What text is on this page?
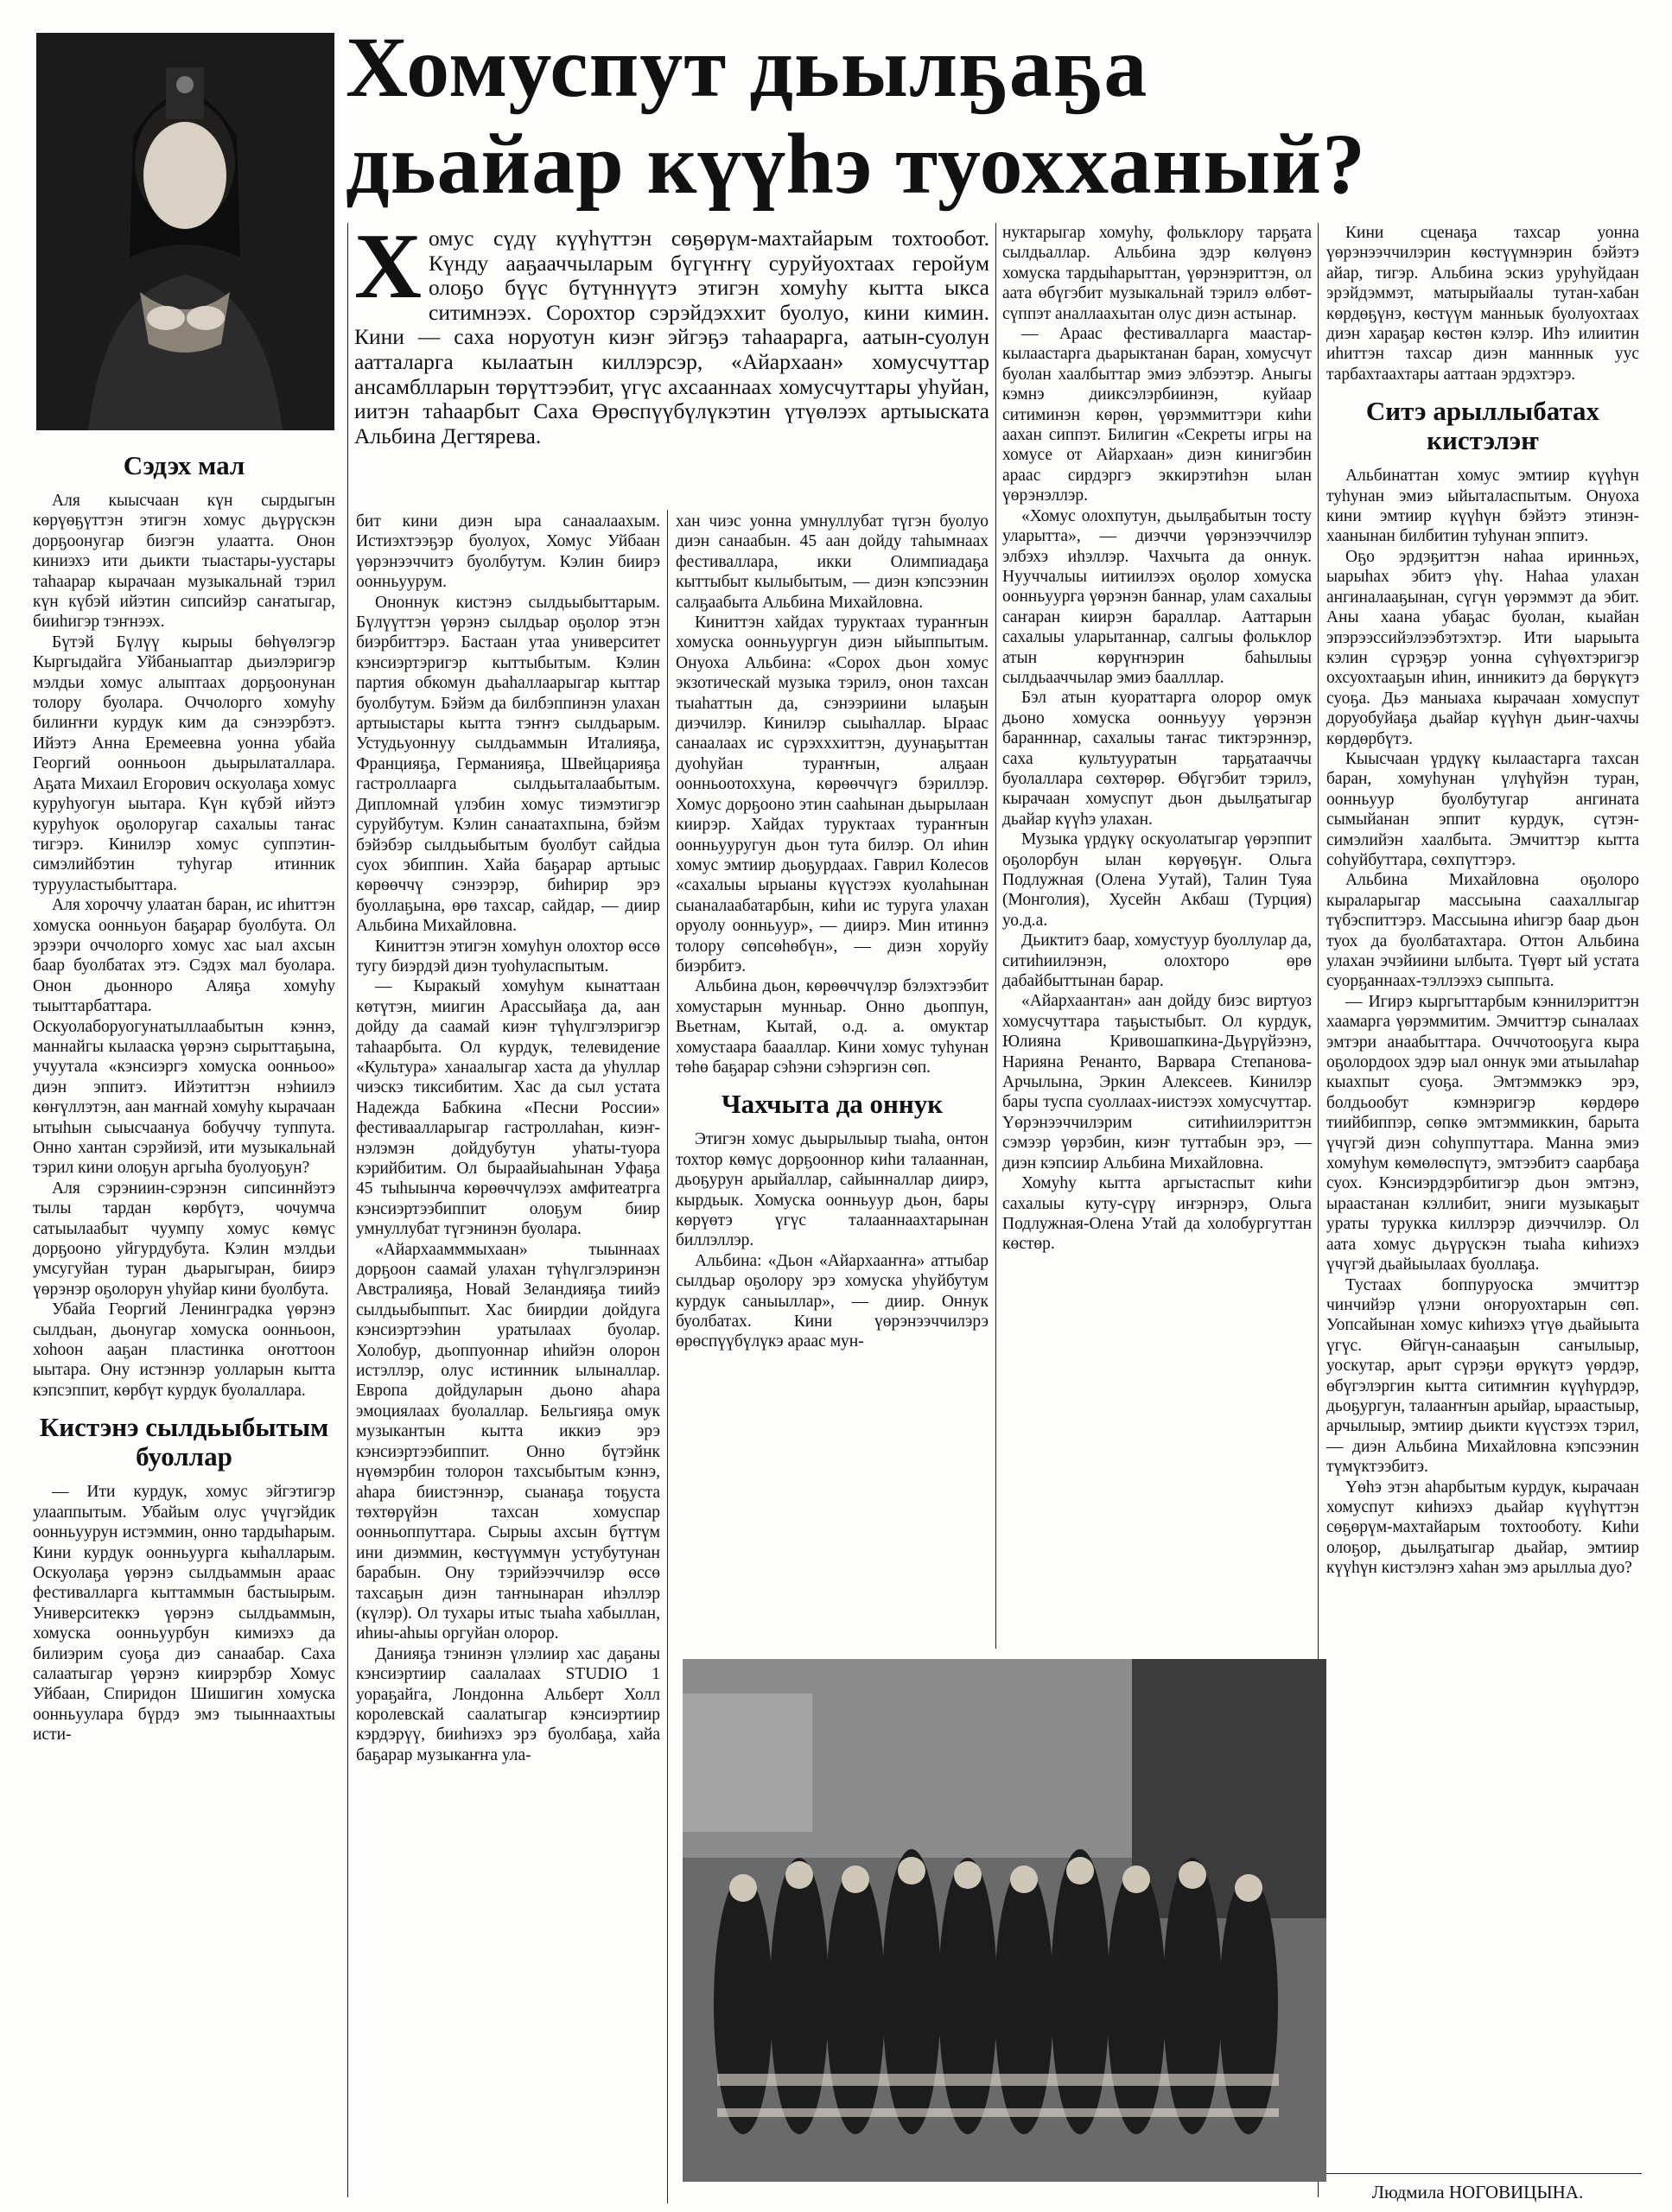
Хомуспут дьылҕаҕа
дьайар күүһэ туохханый?
Х омус сүдү күүһүттэн сөҕөрүм-махтайарым тохтообот. Күнду ааҕааччыларым бүгүҥҥү суруйуохтаах геройум олоҕо бүүс бүтүннүүтэ этигэн хомуһу кытта ыкса ситимнээх. Сорохтор сэрэйдэххит буолуо, кини кимин. Кини — саха норуотун киэҥ эйгэҕэ таһаарарга, аатын-суолун аатталарга кылаатын киллэрсэр, «Айархаан» хомусчуттар ансамблларын төрүттээбит, үгүс ахсааннаах хомусчуттары уһуйан, иитэн таһаарбыт Саха Өрөспүүбүлүкэтин үтүөлээх артыыската Альбина Дегтярева.
Сэдэх мал

Аля кыысчаан күн сырдыгын көрүөҕүттэн этигэн хомус дьүрүскэн дорҕоонугар биэгэн улаатта. Онон киниэхэ ити дьикти тыастары-уустары таһаарар кырачаан музыкальнай тэрил күн күбэй ийэтин сипсийэр саҥатыгар, бииһигэр тэҥнээх.

Бүтэй Бүлүү кырыы бөһүөлэгэр Кыргыдайга Уйбаныаптар дьиэлэригэр мэлдьи хомус алыптаах дорҕоонунан толору буолара. Оччолорго хомуһу билиҥҥи курдук ким да сэнээрбэтэ. Ийэтэ Анна Еремеевна уонна убайа Георгий оонньоон дьырылаталлара. Аҕата Михаил Егорович оскуолаҕа хомус куруһуогун ыытара. Күн күбэй ийэтэ куруһуок оҕолоругар сахалыы таҥас тигэрэ. Кинилэр хомус суппэтин-симэлийбэтин туһугар итинник турууластыбыттара.

Аля хороччу улаатан баран, ис иһиттэн хомуска оонньуон баҕарар буолбута. Ол эрээри оччолорго хомус хас ыал ахсын баар буолбатах этэ. Сэдэх мал буолара. Онон дьонноро Аляҕа хомуһу тыыттарбаттара. Оскуолаборуогунатыллаабытын кэннэ, маннайгы кылааска үөрэнэ сырыттаҕына, учуутала «кэнсиэргэ хомуска оонньоо» диэн эппитэ. Ийэтиттэн нэһиилэ көҥүллэтэн, аан маҥнай хомуһу кырачаан ытыһын сыысчаануа бобуччу туппута. Онно хантан сэрэйиэй, ити музыкальнай тэрил кини олоҕун аргыһа буолуоҕун?

Аля сэрэниин-сэрэнэн сипсиннйэтэ тылы тардан көрбүтэ, чочумча сатыылаабыт чуумпу хомус көмүс дорҕооно уйгурдубута. Кэлин мэлдьи умсугуйан туран дьарыгыран, биирэ үөрэнэр оҕолорун уһуйар кини буолбута.

Убайа Георгий Ленинградка үөрэнэ сылдьан, дьонугар хомуска оонньоон, хоһоон ааҕан пластинка оҥоттоон ыытара. Ону истэннэр уолларын кытта кэпсэппит, көрбүт курдук буолаллара.

Кистэнэ сылдьыбытым буоллар

— Ити курдук, хомус эйгэтигэр улааппытым. Убайым олус үчүгэйдик оонньуурун истэммин, онно тардыһарым. Кини курдук оонньуурга кыһалларым. Оскуолаҕа үөрэнэ сылдьаммын араас фестивалларга кыттаммын бастыырым. Университеккэ үөрэнэ сылдьаммын, хомуска оонньуурбун кимиэхэ да билиэрим суоҕа диэ санаабар. Саха салаатыгар үөрэнэ киирэрбэр Хомус Уйбаан, Спиридон Шишигин хомуска оонньуулара бүрдэ эмэ тыыннаахтыы исти-

бит кини диэн ыра санаалаахым. Истиэхтээҕэр буолуох, Хомус Уйбаан үөрэнээччитэ буолбутум. Кэлин биирэ оонньуурум.

Ононнук кистэнэ сылдьыбыттарым. Бүлүүттэн үөрэнэ сылдьар оҕолор этэн биэрбиттэрэ. Бастаан утаа университет кэнсиэртэригэр кыттыбытым. Кэлин партия обкомун дьаһаллаарыгар кыттар буолбутум. Бэйэм да билбэппинэн улахан артыыстары кытта тэҥҥэ сылдьарым. Устудьуоннуу сылдьаммын Италияҕа, Францияҕа, Германияҕа, Швейцарияҕа гастроллаарга сылдьыталаабытым. Дипломнай үлэбин хомус тиэмэтигэр суруйбутум. Кэлин санаатахпына, бэйэм бэйэбэр сылдьыбытым буолбут сайдыа суох эбиппин. Хайа баҕарар артыыс көрөөччү сэнээрэр, биһирир эрэ буоллаҕына, өрө тахсар, сайдар, — диир Альбина Михайловна.

Киниттэн этигэн хомуһун олохтор өссө тугу биэрдэй диэн туоһуласпытым.

— Кыракый хомуһум кынаттаан көтүтэн, миигин Арассыйаҕа да, аан дойду да саамай киэҥ түһүлгэлэригэр таһаарбыта. Ол курдук, телевидение «Культура» ханаалыгар хаста да уһуллар чиэскэ тиксибитим. Хас да сыл устата Надежда Бабкина «Песни России» фестиваалларыгар гастроллаһан, киэҥ-нэлэмэн дойдубутун уһаты-туора кэрийбитим. Ол быраайыаһынан Уфаҕа 45 тыһыынча көрөөччүлээх амфитеатрга кэнсиэртээбиппит олоҕум биир умнуллубат түгэнинэн буолара.

«Айархаамммыхаан» тыыннаах дорҕоон саамай улахан түһүлгэлэринэн Австралияҕа, Новай Зеландияҕа тиийэ сылдьыбыппыт. Хас биирдии дойдуга кэнсиэртээһин уратылаах буолар. Холобур, дьоппуоннар иһийэн олорон истэллэр, олус истинник ылыналлар. Европа дойдуларын дьоно аһара эмоциялаах буолаллар. Бельгияҕа омук музыкантын кытта иккиэ эрэ кэнсиэртээбиппит. Онно бүтэйнк нүөмэрбин толорон тахсыбытым кэннэ, аһара биистэннэр, сыанаҕа тоҕуста төхтөрүйэн тахсан хомуспар оонньоппуттара. Сырыы ахсын бүттүм ини диэммин, көстүүммүн устубутунан барабын. Ону тэрийээччилэр өссө тахсаҕын диэн таҥнынаран иһэллэр (күлэр). Ол тухары итыс тыаһа хабыллан, иһиы-аһыы оргуйан олорор.

Данияҕа тэнинэн үлэлиир хас даҕаны кэнсиэртиир саалалаах STUDIO 1 уораҕайга, Лондонна Альберт Холл королевскай саалатыгар кэнсиэртиир кэрдэрүү, бииһиэхэ эрэ буолбаҕа, хайа баҕарар музыкаҥҥа ула-

хан чиэс уонна умнуллубат түгэн буолуо диэн санаабын. 45 аан дойду таһымнаах фестиваллара, икки Олимпиадаҕа кыттыбыт кылыбытым, — диэн кэпсээнин салҕаабыта Альбина Михайловна.

Киниттэн хайдах туруктаах тураҥҥын хомуска оонньуургун диэн ыйыппытым. Онуоха Альбина: «Сорох дьон хомус экзотическай музыка тэрилэ, онон тахсан тыаһаттын да, сэнээриини ылаҕын диэчилэр. Кинилэр сыыһаллар. Ыраас санаалаах ис сүрэхххиттэн, дуунаҕыттан дуоһуйан тураҥҥын, алҕаан оонньоотоххуна, көрөөччүгэ бэриллэр. Хомус дорҕооно этин сааһынан дьырылаан киирэр. Хайдах туруктаах тураҥҥын оонньууругун дьон тута билэр. Ол иһин хомус эмтиир дьоҕурдаах. Гаврил Колесов «сахалыы ырыаны күүстээх куолаһынан сыаналаабатарбын, киһи ис туруга улахан оруолу оонньуур», — диирэ. Мин итиннэ толору сөпсөһөбүн», — диэн хоруйу биэрбитэ.

Альбина дьон, көрөөччүлэр бэлэхтээбит хомустарын мунньар. Онно дьоппун, Вьетнам, Кытай, о.д. а. омуктар хомустаара баааллар. Кини хомус туһунан төһө баҕарар сэһэни сэһэргиэн сөп.

Чахчыта да оннук

Этигэн хомус дьырылыыр тыаһа, онтон тохтор көмүс дорҕооннор киһи талааннан, дьоҕурун арыйаллар, сайынналлар диирэ, кырдьык. Хомуска оонньуур дьон, бары көрүөтэ үгүс талааннаахтарынан биллэллэр.

Альбина: «Дьон «Айархааҥҥа» аттыбар сылдьар оҕолору эрэ хомуска уһуйбутум курдук саныыллар», — диир. Оннук буолбатах. Кини үөрэнээччилэрэ өрөспүүбүлүкэ араас мун-

нуктарыгар хомуһу, фольклору тарҕата сылдьаллар. Альбина эдэр көлүөнэ хомуска тардыһарыттан, үөрэнэриттэн, ол аата өбүгэбит музыкальнай тэрилэ өлбөт-сүппэт аналлаахытан олус диэн астынар.

— Араас фестивалларга маастар-кылаастарга дьарыктанан баран, хомусчут буолан хаалбыттар эмиэ элбээтэр. Аныгы кэмнэ дииксэлэрбиинэн, куйаар ситиминэн көрөн, үөрэммиттэри киһи аахан сиппэт. Билигин «Секреты игры на хомусе от Айархаан» диэн кинигэбин араас сирдэргэ эккирэтиһэн ылан үөрэнэллэр.

«Хомус олохпутун, дьылҕабытын тосту уларытта», — диэччи үөрэнээччилэр элбэхэ иһэллэр. Чахчыта да оннук. Нууччалыы иитиилээх оҕолор хомуска оонньуурга үөрэнэн баннар, улам сахалыы саҥаран киирэн бараллар. Ааттарын сахалыы уларытаннар, салгыы фольклор атын көрүҥнэрин баһылыы сылдьааччылар эмиэ баалллар.

Бэл атын куораттарга олорор омук дьоно хомуска оонньууу үөрэнэн баранннар, сахалыы таҥас тиктэрэннэр, саха культууратын тарҕатааччы буолаллара сөхтөрөр. Өбүгэбит тэрилэ, кырачаан хомуспут дьон дьылҕатыгар дьайар күүһэ улахан.

Музыка үрдүкү оскуолатыгар үөрэппит оҕолорбун ылан көрүөҕүҥ. Ольга Подлужная (Олена Уутай), Талин Туяа (Монголия), Хусейн Акбаш (Турция) уо.д.а.

Дьиктитэ баар, хомустуур буоллулар да, ситиһиилэнэн, олохторо өрө дабайбыттынан барар.

«Айархаантан» аан дойду биэс виртуоз хомусчуттара таҕыстыбыт. Ол курдук, Юлияна Кривошапкина-Дьүрүйээнэ, Нарияна Ренанто, Варвара Степанова-Арчылына, Эркин Алексеев. Кинилэр бары туспа суоллаах-иистээх хомусчуттар. Үөрэнээччилэрим ситиһиилэриттэн сэмээр үөрэбин, киэҥ туттабын эрэ, — диэн кэпсиир Альбина Михайловна.

Хомуһу кытта аргыстаспыт киһи сахалыы куту-сүрү иҥэрнэрэ, Ольга Подлужная-Олена Утай да холобургуттан көстөр.

Кини сценаҕа тахсар уонна үөрэнээччилэрин көстүүмнэрин бэйэтэ айар, тигэр. Альбина эскиз уруһуйдаан эрэйдэммэт, матырыйаалы тутан-хабан көрдөҕүнэ, көстүүм манньык буолуохтаах диэн хараҕар көстөн кэлэр. Иһэ илиитин иһиттэн тахсар диэн манннык уус тарбахтаахтары ааттаан эрдэхтэрэ.

Ситэ арыллыбатах кистэлэҥ

Альбинаттан хомус эмтиир күүһүн туһунан эмиэ ыйыталаспытым. Онуоха кини эмтиир күүһүн бэйэтэ этинэн-хаанынан билбитин туһунан эппитэ.

Оҕо эрдэҕиттэн наһаа иринньэх, ыарыһах эбитэ үһү. Наһаа улахан ангиналааҕынан, сүгүн үөрэммэт да эбит. Аны хаана убаҕас буолан, кыайан эпэрээссийэлээбэтэхтэр. Ити ыарыыта кэлин сүрэҕэр уонна сүһүөхтэригэр охсуохтааҕын иһин, инникитэ да бөрүкүтэ суоҕа. Дьэ маныаха кырачаан хомуспут доруобуйаҕа дьайар күүһүн дьиҥ-чахчы көрдөрбүтэ.

Кыысчаан үрдүкү кылаастарга тахсан баран, хомуһунан үлүһүйэн туран, оонньуур буолбутугар ангината сымыйанан эппит курдук, сүтэн-симэлийэн хаалбыта. Эмчиттэр кытта соһуйбуттара, сөхпүттэрэ.

Альбина Михайловна оҕолоро кыраларыгар массыына саахаллыгар түбэспиттэрэ. Массыына иһигэр баар дьон туох да буолбатахтара. Оттон Альбина улахан эчэйиини ылбыта. Түөрт ый устата суорҕаннаах-тэллээхэ сыппыта.

— Игирэ кыргыттарбым кэннилэриттэн хаамарга үөрэммитим. Эмчиттэр сыналаах эмтэри анаабыттара. Очччотооҕуга кыра оҕолордоох эдэр ыал оннук эми атыылаһар кыахпыт суоҕа. Эмтэммэккэ эрэ, болдьообут кэмнэригэр көрдөрө тиийбиппэр, сөпкө эмтэммиккин, барыта үчүгэй диэн соһуппуттара. Манна эмиэ хомуһум көмөлөспүтэ, эмтээбитэ саарбаҕа суох. Кэнсиэрдэрбитигэр дьон эмтэнэ, ыраастанан кэллибит, эниги музыкаҕыт ураты турукка киллэрэр диэччилэр. Ол аата хомус дьүрүскэн тыаһа киһиэхэ үчүгэй дьайыылаах буоллаҕа.

Тустаах боппуруоска эмчиттэр чинчийэр үлэни оҥоруохтарын сөп. Уопсайынан хомус киһиэхэ үтүө дьайыыта үгүс. Өйгүн-санааҕын саҥылыыр, уоскутар, арыт сүрэҕи өрүкүтэ үөрдэр, өбүгэлэргин кытта ситимҥин күүһүрдэр, дьоҕургун, талааҥҥын арыйар, ыраастыыр, арчылыыр, эмтиир дьикти күүстээх тэрил, — диэн Альбина Михайловна кэпсээнин түмүктээбитэ.

Үөһэ этэн аһарбытым курдук, кырачаан хомуспут киһиэхэ дьайар күүһүттэн сөҕөрүм-махтайарым тохтооботу. Киһи олоҕор, дьылҕатыгар дьайар, эмтиир күүһүн кистэлэҥэ хаһан эмэ арыллыа дуо?

Людмила НОГОВИЦЫНА.
